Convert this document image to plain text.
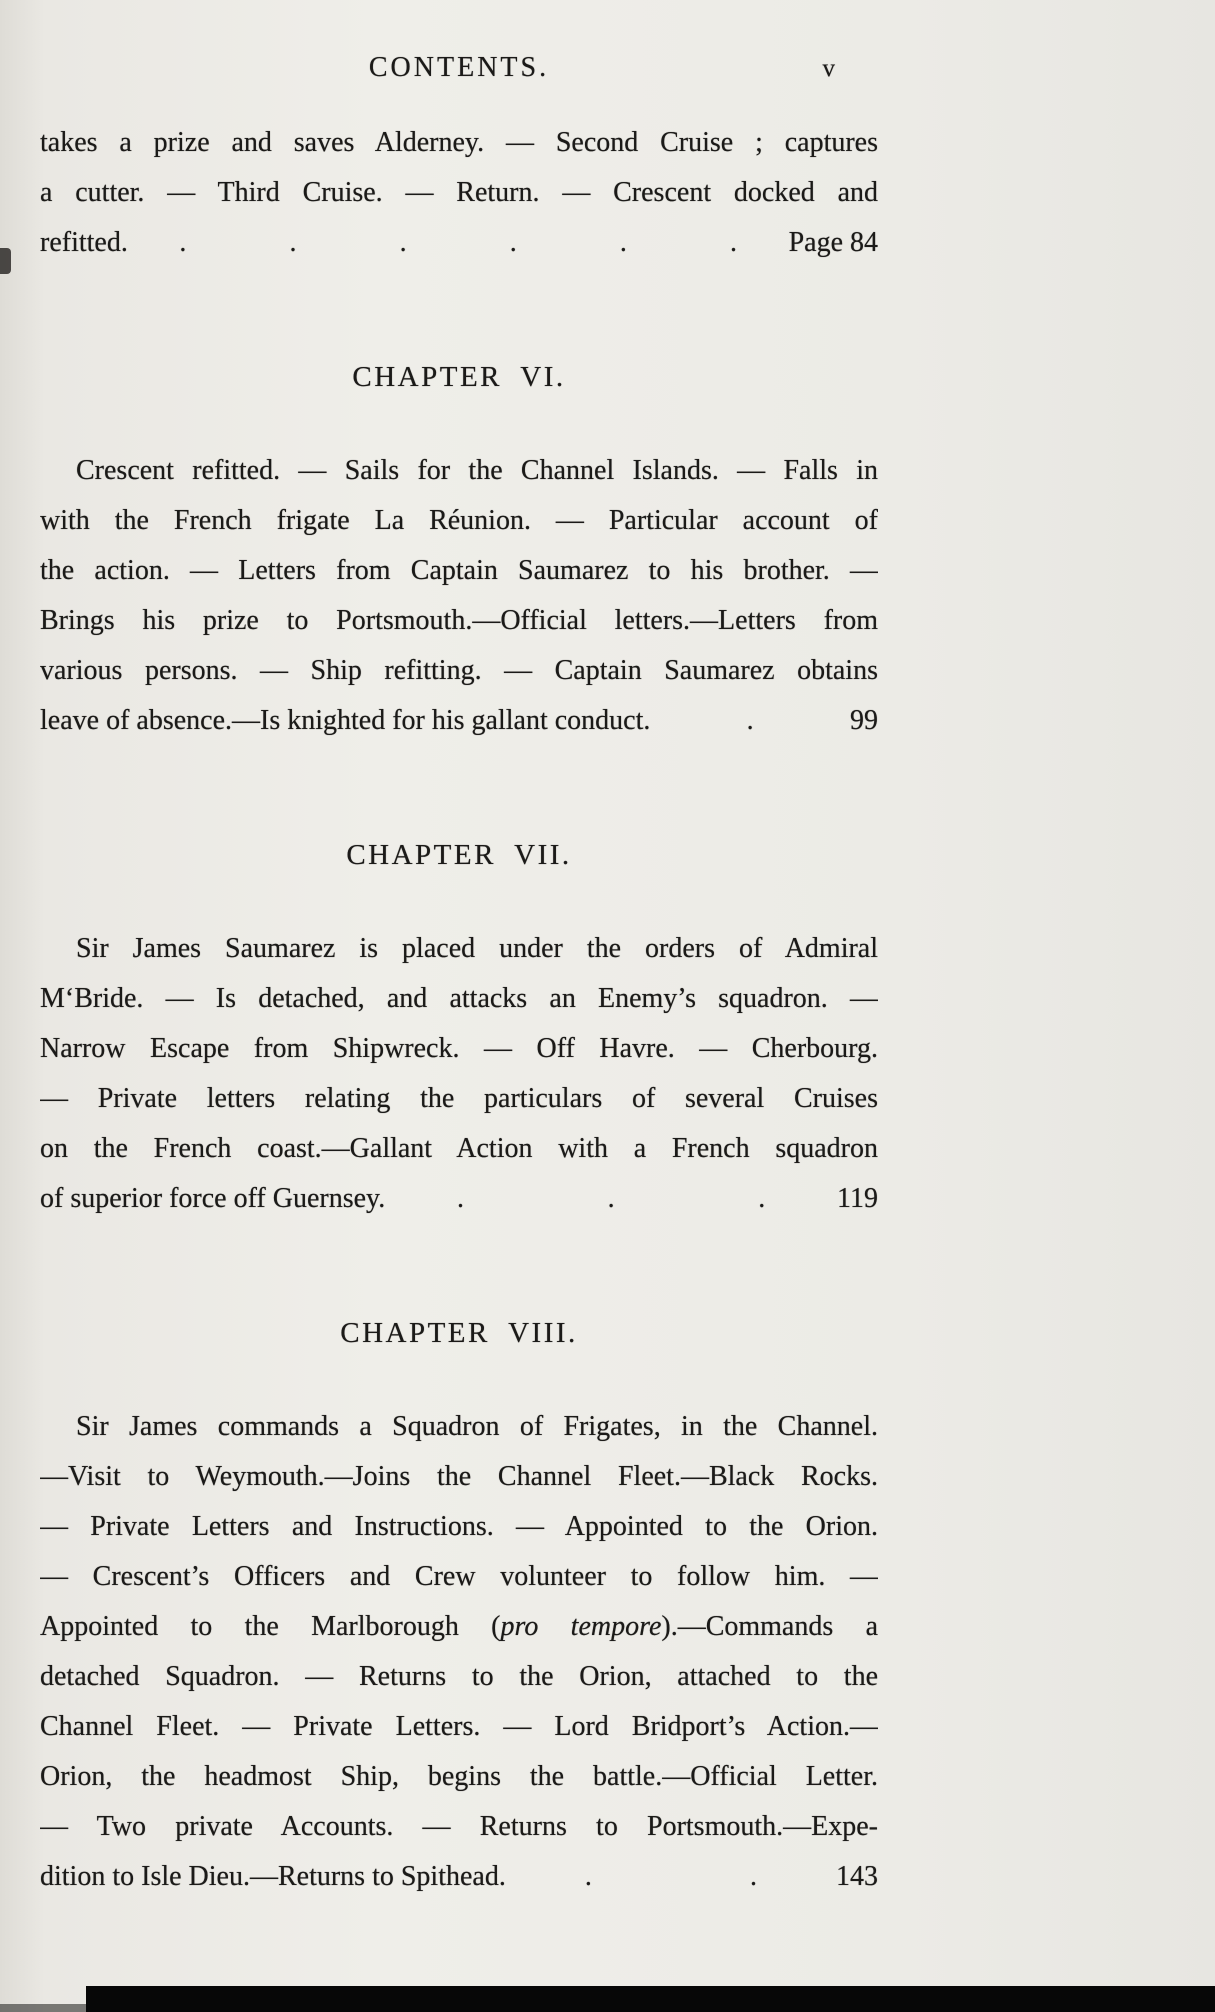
CONTENTS.	v
takes a prize and saves Alderney. — Second Cruise ; captures
a cutter. — Third Cruise. — Return. — Crescent docked and
refitted. .	.	.	.	.	. Page 84
CHAPTER VI.
Crescent refitted. — Sails for the Channel Islands. — Falls in
with the French frigate La Réunion. — Particular account of
the action. — Letters from Captain Saumarez to his brother. —
Brings his prize to Portsmouth.—Official letters.—Letters from
various persons. — Ship refitting. — Captain Saumarez obtains
leave of absence.—Is knighted for his gallant conduct.	.	99
CHAPTER VII.
Sir James Saumarez is placed under the orders of Admiral
M‘Bride. — Is detached, and attacks an Enemy’s squadron. —
Narrow Escape from Shipwreck. — Off Havre. — Cherbourg.
— Private letters relating the particulars of several Cruises
on the French coast.—Gallant Action with a French squadron
of superior force off Guernsey.	.	.	.	119
CHAPTER VIII.
Sir James commands a Squadron of Frigates, in the Channel.
—Visit to Weymouth.—Joins the Channel Fleet.—Black Rocks.
— Private Letters and Instructions. — Appointed to the Orion.
— Crescent’s Officers and Crew volunteer to follow him. —
Appointed to the Marlborough (pro tempore).—Commands a
detached Squadron. — Returns to the Orion, attached to the
Channel Fleet. — Private Letters. — Lord Bridport’s Action.—
Orion, the headmost Ship, begins the battle.—Official Letter.
— Two private Accounts. — Returns to Portsmouth.—Expe-
dition to Isle Dieu.—Returns to Spithead.	.	.	143
